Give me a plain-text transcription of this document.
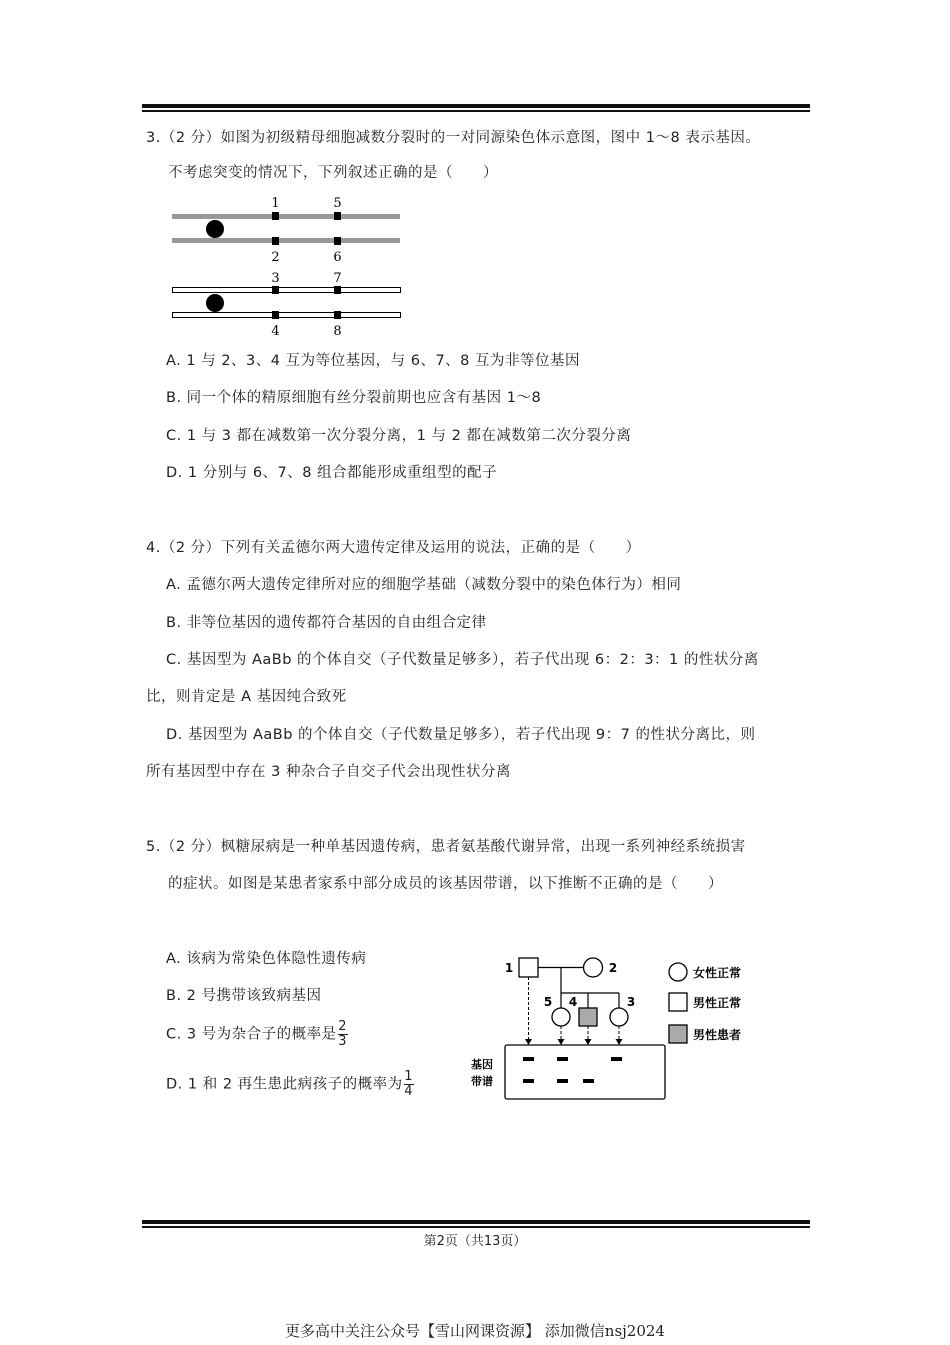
3.（2 分）如图为初级精母细胞减数分裂时的一对同源染色体示意图，图中 1～8 表示基因。
不考虑突变的情况下，下列叙述正确的是（　　）
1	5
2	6
3	7
4	8
A. 1 与 2、3、4 互为等位基因，与 6、7、8 互为非等位基因
B. 同一个体的精原细胞有丝分裂前期也应含有基因 1～8
C. 1 与 3 都在减数第一次分裂分离，1 与 2 都在减数第二次分裂分离
D. 1 分别与 6、7、8 组合都能形成重组型的配子
4.（2 分）下列有关孟德尔两大遗传定律及运用的说法，正确的是（　　）
A. 孟德尔两大遗传定律所对应的细胞学基础（减数分裂中的染色体行为）相同
B. 非等位基因的遗传都符合基因的自由组合定律
C. 基因型为 AaBb 的个体自交（子代数量足够多），若子代出现 6：2：3：1 的性状分离
比，则肯定是 A 基因纯合致死
D. 基因型为 AaBb 的个体自交（子代数量足够多），若子代出现 9：7 的性状分离比，则
所有基因型中存在 3 种杂合子自交子代会出现性状分离
5.（2 分）枫糖尿病是一种单基因遗传病，患者氨基酸代谢异常，出现一系列神经系统损害
的症状。如图是某患者家系中部分成员的该基因带谱，以下推断不正确的是（　　）
A. 该病为常染色体隐性遗传病
B. 2 号携带该致病基因
C. 3 号为杂合子的概率是 $\frac{2}{3}$
D. 1 和 2 再生患此病孩子的概率为 $\frac{1}{4}$
1	2
5 4	3
基因
带谱
女性正常
男性正常
男性患者
第2页（共13页）
更多高中关注公众号【雪山网课资源】 添加微信nsj2024
